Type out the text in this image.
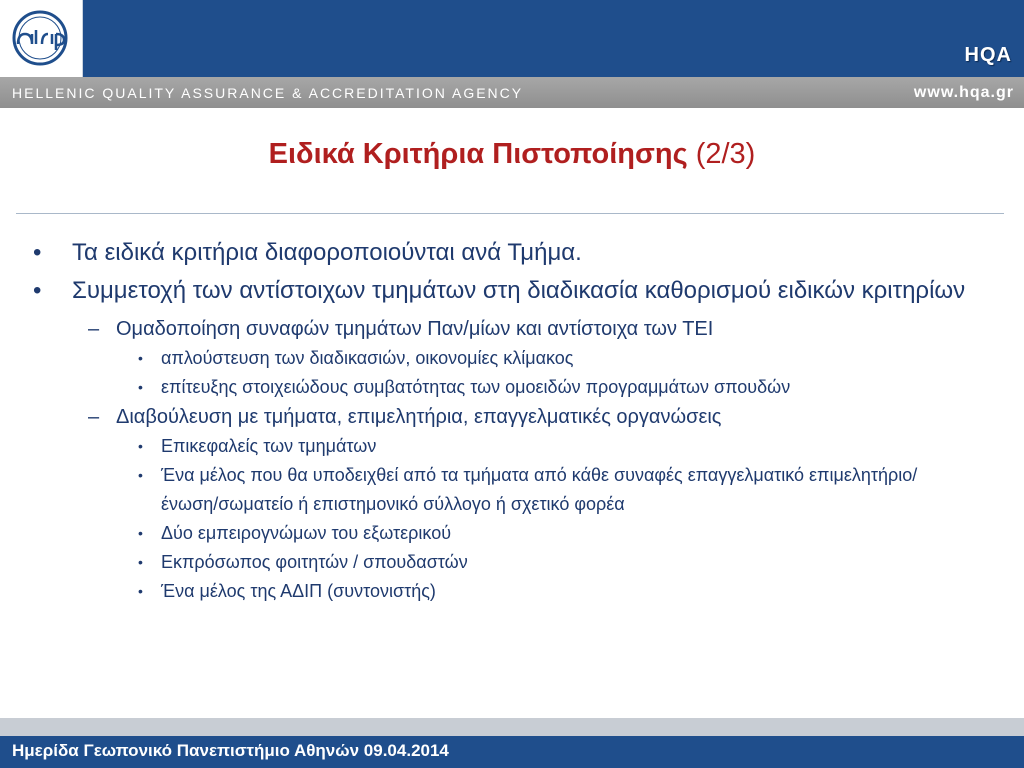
HQA
HELLENIC QUALITY ASSURANCE & ACCREDITATION AGENCY	www.hqa.gr
Ειδικά Κριτήρια Πιστοποίησης (2/3)
• Τα ειδικά κριτήρια διαφοροποιούνται ανά Τμήμα.
• Συμμετοχή των αντίστοιχων τμημάτων στη διαδικασία καθορισμού ειδικών κριτηρίων
– Ομαδοποίηση συναφών τμημάτων Παν/μίων και αντίστοιχα των ΤΕΙ
• απλούστευση των διαδικασιών, οικονομίες κλίμακος
• επίτευξης στοιχειώδους συμβατότητας των ομοειδών προγραμμάτων σπουδών
– Διαβούλευση με τμήματα, επιμελητήρια, επαγγελματικές οργανώσεις
• Επικεφαλείς των τμημάτων
• Ένα μέλος που θα υποδειχθεί από τα τμήματα από κάθε συναφές επαγγελματικό επιμελητήριο/ένωση/σωματείο ή επιστημονικό σύλλογο ή σχετικό φορέα
• Δύο εμπειρογνώμων του εξωτερικού
• Εκπρόσωπος φοιτητών / σπουδαστών
• Ένα μέλος της ΑΔΙΠ (συντονιστής)
Ημερίδα Γεωπονικό Πανεπιστήμιο Αθηνών 09.04.2014
